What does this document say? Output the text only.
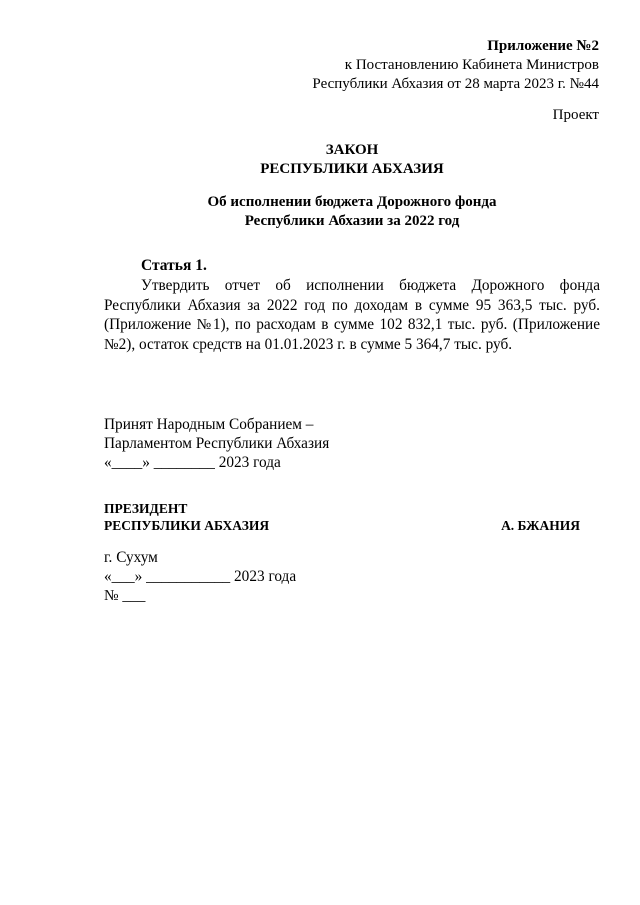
Приложение №2
к Постановлению Кабинета Министров
Республики Абхазия от 28 марта 2023 г. №44
Проект
ЗАКОН
РЕСПУБЛИКИ АБХАЗИЯ
Об исполнении бюджета Дорожного фонда
Республики Абхазии за 2022 год
Статья 1.
Утвердить отчет об исполнении бюджета Дорожного фонда Республики Абхазия за 2022 год по доходам в сумме 95 363,5 тыс. руб. (Приложение №1), по расходам в сумме 102 832,1 тыс. руб. (Приложение №2), остаток средств на 01.01.2023 г. в сумме 5 364,7 тыс. руб.
Принят Народным Собранием –
Парламентом Республики Абхазия
«____» ________ 2023 года
ПРЕЗИДЕНТ
РЕСПУБЛИКИ АБХАЗИЯ	А. БЖАНИЯ
г. Сухум
«___» ___________ 2023 года
№ ___
